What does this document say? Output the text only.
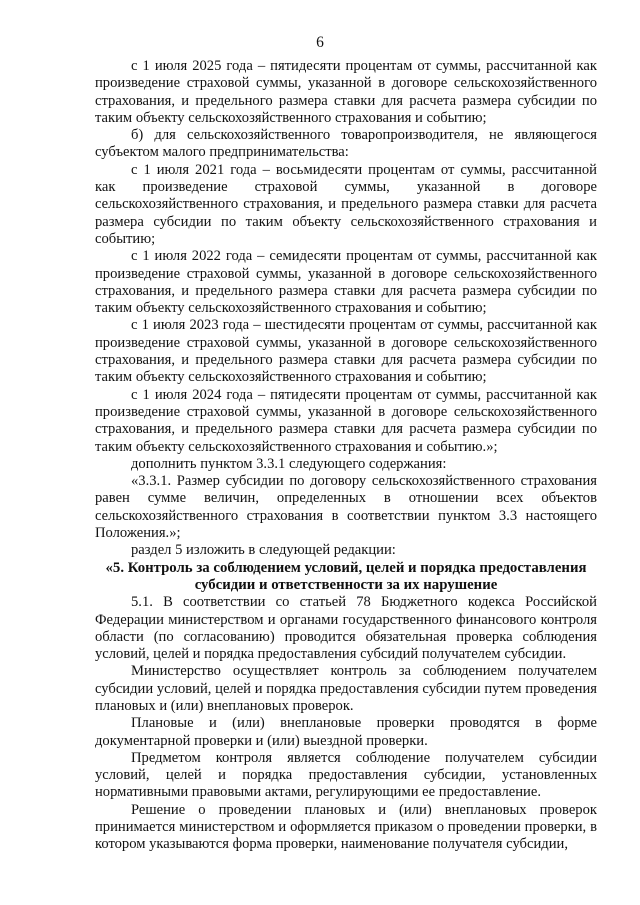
6

с 1 июля 2025 года – пятидесяти процентам от суммы, рассчитанной как произведение страховой суммы, указанной в договоре сельскохозяйственного страхования, и предельного размера ставки для расчета размера субсидии по таким объекту сельскохозяйственного страхования и событию;

б) для сельскохозяйственного товаропроизводителя, не являющегося субъектом малого предпринимательства:

с 1 июля 2021 года – восьмидесяти процентам от суммы, рассчитанной как произведение страховой суммы, указанной в договоре сельскохозяйственного страхования, и предельного размера ставки для расчета размера субсидии по таким объекту сельскохозяйственного страхования и событию;

с 1 июля 2022 года – семидесяти процентам от суммы, рассчитанной как произведение страховой суммы, указанной в договоре сельскохозяйственного страхования, и предельного размера ставки для расчета размера субсидии по таким объекту сельскохозяйственного страхования и событию;

с 1 июля 2023 года – шестидесяти процентам от суммы, рассчитанной как произведение страховой суммы, указанной в договоре сельскохозяйственного страхования, и предельного размера ставки для расчета размера субсидии по таким объекту сельскохозяйственного страхования и событию;

с 1 июля 2024 года – пятидесяти процентам от суммы, рассчитанной как произведение страховой суммы, указанной в договоре сельскохозяйственного страхования, и предельного размера ставки для расчета размера субсидии по таким объекту сельскохозяйственного страхования и событию.»;

дополнить пунктом 3.3.1 следующего содержания:

«3.3.1. Размер субсидии по договору сельскохозяйственного страхования равен сумме величин, определенных в отношении всех объектов сельскохозяйственного страхования в соответствии пунктом 3.3 настоящего Положения.»;

раздел 5 изложить в следующей редакции:

«5. Контроль за соблюдением условий, целей и порядка предоставления субсидии и ответственности за их нарушение

5.1. В соответствии со статьей 78 Бюджетного кодекса Российской Федерации министерством и органами государственного финансового контроля области (по согласованию) проводится обязательная проверка соблюдения условий, целей и порядка предоставления субсидий получателем субсидии.

Министерство осуществляет контроль за соблюдением получателем субсидии условий, целей и порядка предоставления субсидии путем проведения плановых и (или) внеплановых проверок.

Плановые и (или) внеплановые проверки проводятся в форме документарной проверки и (или) выездной проверки.

Предметом контроля является соблюдение получателем субсидии условий, целей и порядка предоставления субсидии, установленных нормативными правовыми актами, регулирующими ее предоставление.

Решение о проведении плановых и (или) внеплановых проверок принимается министерством и оформляется приказом о проведении проверки, в котором указываются форма проверки, наименование получателя субсидии,
